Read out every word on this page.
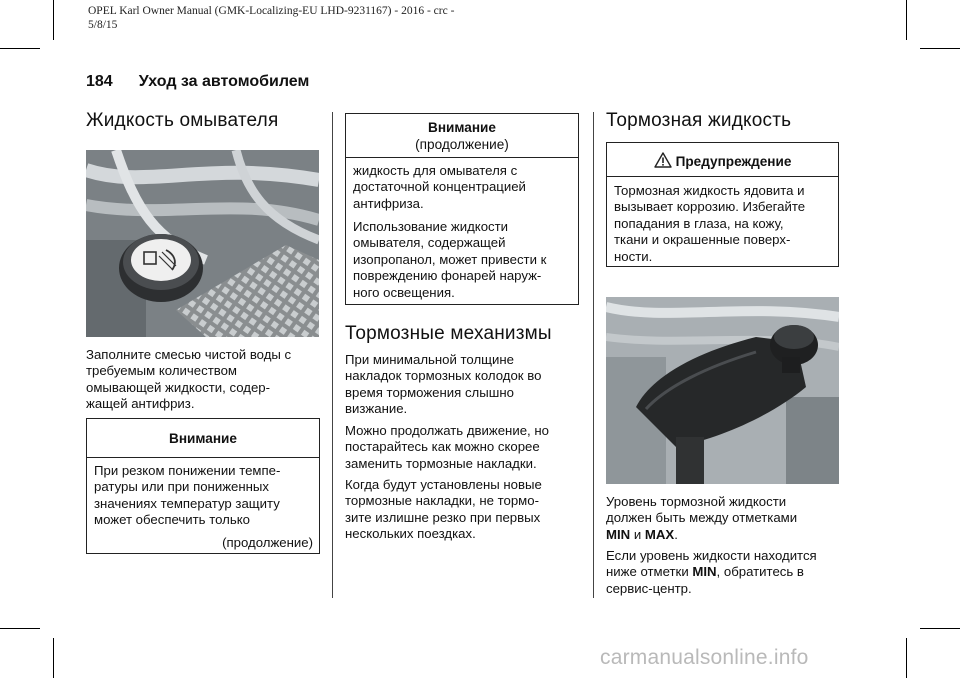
OPEL Karl Owner Manual (GMK-Localizing-EU LHD-9231167) - 2016 - crc -
5/8/15
184 Уход за автомобилем
Жидкость омывателя

Заполните смесью чистой воды с
требуемым количеством
омывающей жидкости, содер-
жащей антифриз.

Внимание

При резком понижении темпе-
ратуры или при пониженных
значениях температур защиту
может обеспечить только

(продолжение)
Внимание
(продолжение)

жидкость для омывателя с
достаточной концентрацией
антифриза.

Использование жидкости
омывателя, содержащей
изопропанол, может привести к
повреждению фонарей наруж-
ного освещения.

Тормозные механизмы

При минимальной толщине
накладок тормозных колодок во
время торможения слышно
визжание.

Можно продолжать движение, но
постарайтесь как можно скорее
заменить тормозные накладки.

Когда будут установлены новые
тормозные накладки, не тормо-
зите излишне резко при первых
нескольких поездках.

Тормозная жидкость
Предупреждение

Тормозная жидкость ядовита и
вызывает коррозию. Избегайте
попадания в глаза, на кожу,
ткани и окрашенные поверх-
ности.

Уровень тормозной жидкости
должен быть между отметками
MIN и MAX.

Если уровень жидкости находится
ниже отметки MIN, обратитесь в
сервис-центр.

carmanualsonline.info
